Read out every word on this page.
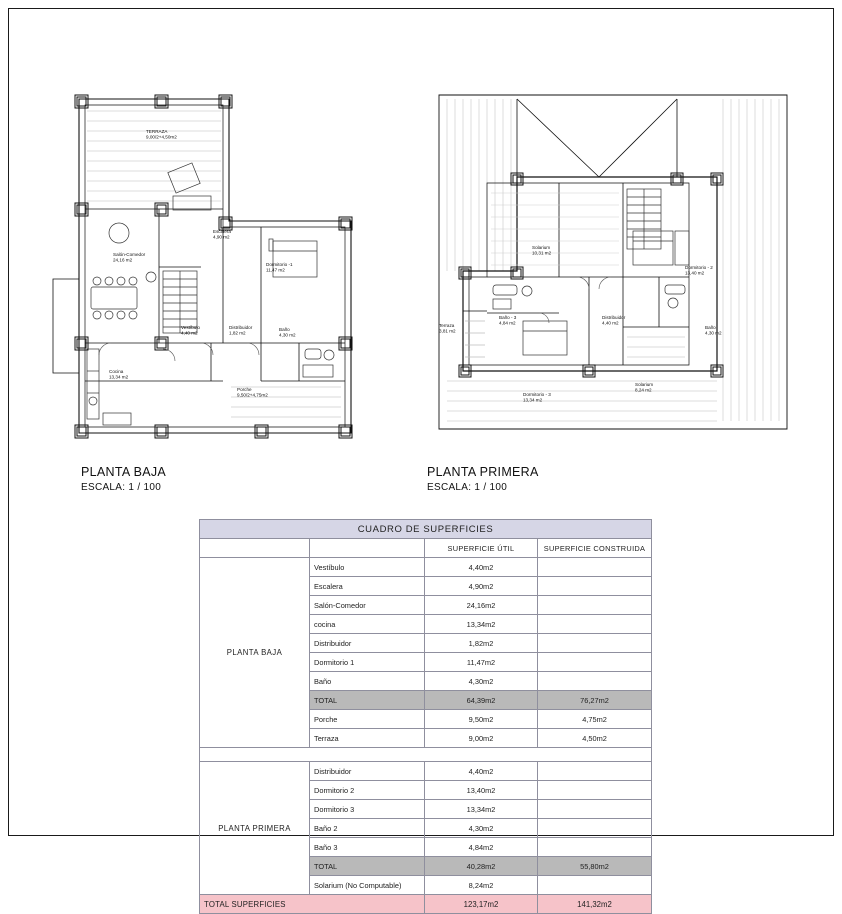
TERRAZA 9,00/2+4,50m2
Salón-Comedor 24,16 m2
Escalera 4,90 m2
Dormitorio -1 11,47 m2
Vestíbulo 4,40 m2
Distribuidor 1,82 m2
Baño 4,30 m2
Cocina 13,34 m2
Porche 9,50/2+4,75m2
Solarium 10,31 m2
Dormitorio - 2 13,40 m2
Baño - 3 4,84 m2
Distribuidor 4,40 m2
Baño 4,30 m2
Terraza 3,81 m2
Dormitorio - 3 13,34 m2
Solarium 8,24 m2
PLANTA BAJA
ESCALA: 1 / 100
PLANTA PRIMERA
ESCALA: 1 / 100
CUADRO DE SUPERFICIES			
		SUPERFICIE ÚTIL	SUPERFICIE CONSTRUIDA
PLANTA BAJA	Vestíbulo	4,40m2	
	Escalera	4,90m2	
	Salón-Comedor	24,16m2	
	cocina	13,34m2	
	Distribuidor	1,82m2	
	Dormitorio 1	11,47m2	
	Baño	4,30m2	
	TOTAL	64,39m2	76,27m2
	Porche	9,50m2	4,75m2
	Terraza	9,00m2	4,50m2

PLANTA PRIMERA	Distribuidor	4,40m2	
	Dormitorio 2	13,40m2	
	Dormitorio 3	13,34m2	
	Baño 2	4,30m2	
	Baño 3	4,84m2	
	TOTAL	40,28m2	55,80m2
	Solarium (No Computable)	8,24m2	
TOTAL SUPERFICIES		123,17m2	141,32m2
